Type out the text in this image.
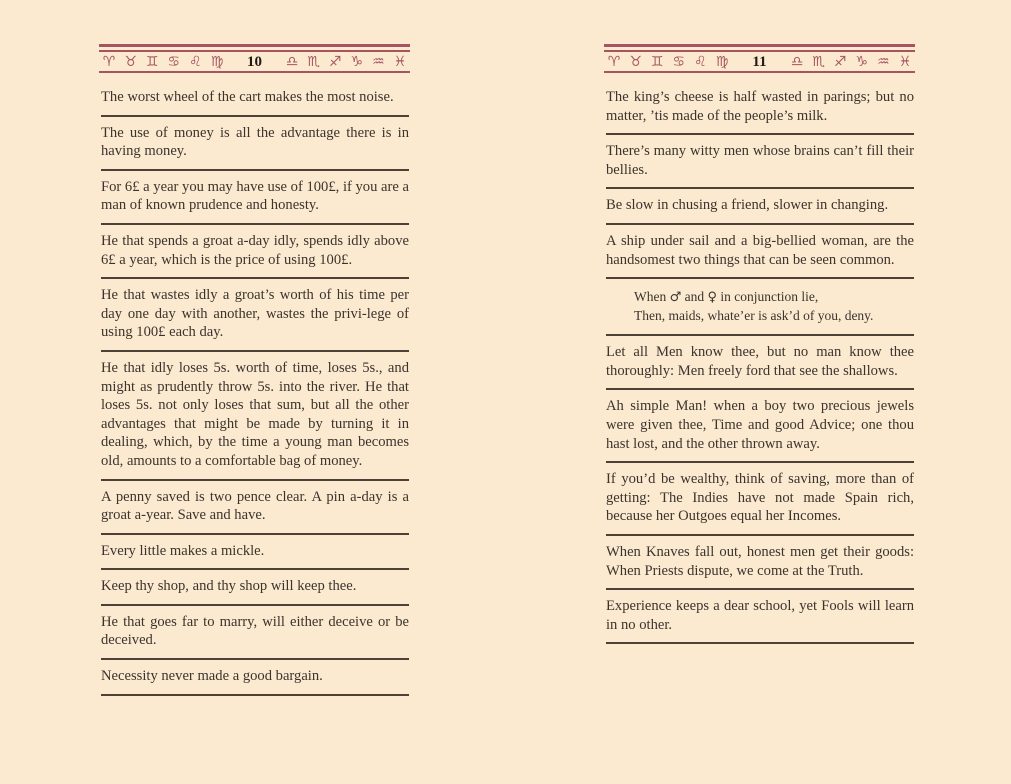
♈ ♉ ♊ ♋ ♌ ♍	10	♎ ♏ ♐ ♑ ♒ ♓
The worst wheel of the cart makes the most noise.
The use of money is all the advantage there is in having money.
For 6£ a year you may have use of 100£, if you are a man of known prudence and honesty.
He that spends a groat a-day idly, spends idly above 6£ a year, which is the price of using 100£.
He that wastes idly a groat’s worth of his time per day one day with another, wastes the privi-lege of using 100£ each day.
He that idly loses 5s. worth of time, loses 5s., and might as prudently throw 5s. into the river. He that loses 5s. not only loses that sum, but all the other advantages that might be made by turning it in dealing, which, by the time a young man becomes old, amounts to a comfortable bag of money.
A penny saved is two pence clear. A pin a-day is a groat a-year. Save and have.
Every little makes a mickle.
Keep thy shop, and thy shop will keep thee.
He that goes far to marry, will either deceive or be deceived.
Necessity never made a good bargain.
♈ ♉ ♊ ♋ ♌ ♍	11	♎ ♏ ♐ ♑ ♒ ♓
The king’s cheese is half wasted in parings; but no matter, ’tis made of the people’s milk.
There’s many witty men whose brains can’t fill their bellies.
Be slow in chusing a friend, slower in changing.
A ship under sail and a big-bellied woman, are the handsomest two things that can be seen common.
When ♂ and ♀ in conjunction lie,
Then, maids, whate’er is ask’d of you, deny.
Let all Men know thee, but no man know thee thoroughly: Men freely ford that see the shallows.
Ah simple Man! when a boy two precious jewels were given thee, Time and good Advice; one thou hast lost, and the other thrown away.
If you’d be wealthy, think of saving, more than of getting: The Indies have not made Spain rich, because her Outgoes equal her Incomes.
When Knaves fall out, honest men get their goods: When Priests dispute, we come at the Truth.
Experience keeps a dear school, yet Fools will learn in no other.
